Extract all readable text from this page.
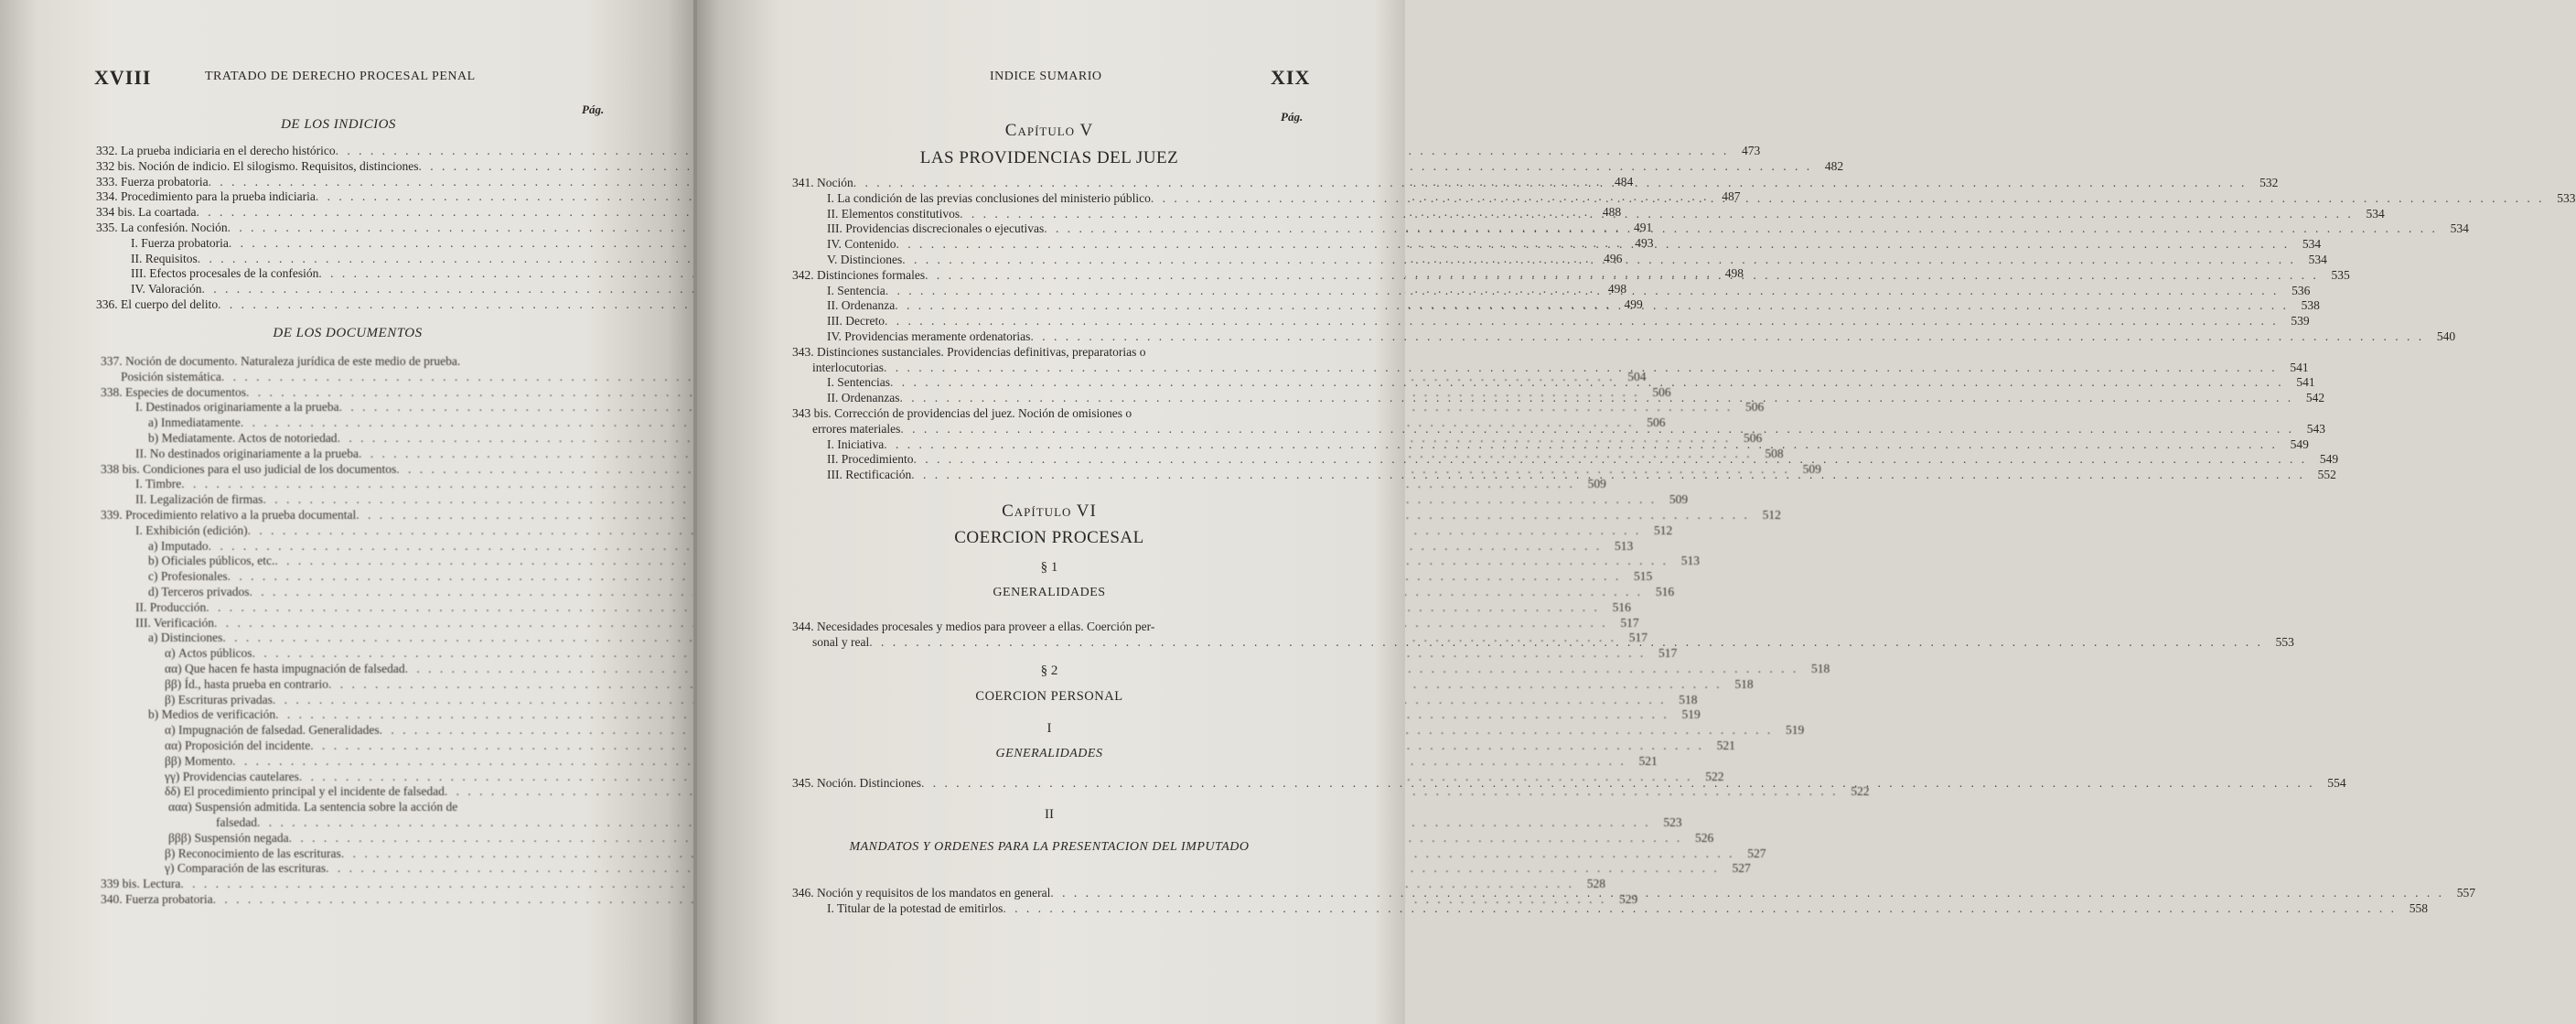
XVIII	TRATADO DE DERECHO PROCESAL PENAL
Pág.
DE LOS INDICIOS
332. La prueba indiciaria en el derecho histórico . . .	473
332 bis. Noción de indicio. El silogismo. Requisitos, distinciones . . .	482
333. Fuerza probatoria . . .	484
334. Procedimiento para la prueba indiciaria . . .	487
334 bis. La coartada . . .	488
335. La confesión. Noción . . .	491
I. Fuerza probatoria . . .	493
II. Requisitos . . .	496
III. Efectos procesales de la confesión . . .	498
IV. Valoración . . .	498
336. El cuerpo del delito . . .	499
DE LOS DOCUMENTOS
337. Noción de documento. Naturaleza jurídica de este medio de prueba.
Posición sistemática . . .	504
338. Especies de documentos . . .	506
I. Destinados originariamente a la prueba . . .	506
a) Inmediatamente . . .	506
b) Mediatamente. Actos de notoriedad . . .	506
II. No destinados originariamente a la prueba . . .	508
338 bis. Condiciones para el uso judicial de los documentos . . .	509
I. Timbre . . .	509
II. Legalización de firmas . . .	509
339. Procedimiento relativo a la prueba documental . . .	512
I. Exhibición (edición) . . .	512
a) Imputado . . .	513
b) Oficiales públicos, etc. . . .	513
c) Profesionales . . .	515
d) Terceros privados . . .	516
II. Producción . . .	516
III. Verificación . . .	517
a) Distinciones . . .	517
α) Actos públicos . . .	517
αα) Que hacen fe hasta impugnación de falsedad . . .	518
ββ) Íd., hasta prueba en contrario . . .	518
β) Escrituras privadas . . .	518
b) Medios de verificación . . .	519
α) Impugnación de falsedad. Generalidades . . .	519
αα) Proposición del incidente . . .	521
ββ) Momento . . .	521
γγ) Providencias cautelares . . .	522
δδ) El procedimiento principal y el incidente de falsedad . . .	522
ααα) Suspensión admitida. La sentencia sobre la acción de
falsedad . . .	523
βββ) Suspensión negada . . .	526
β) Reconocimiento de las escrituras . . .	527
γ) Comparación de las escrituras . . .	527
339 bis. Lectura . . .	528
340. Fuerza probatoria . . .	529
INDICE SUMARIO	XIX
Pág.
Capítulo V
LAS PROVIDENCIAS DEL JUEZ
341. Noción . . .	532
I. La condición de las previas conclusiones del ministerio público . . .	533
II. Elementos constitutivos . . .	534
III. Providencias discrecionales o ejecutivas . . .	534
IV. Contenido . . .	534
V. Distinciones . . .	534
342. Distinciones formales . . .	535
I. Sentencia . . .	536
II. Ordenanza . . .	538
III. Decreto . . .	539
IV. Providencias meramente ordenatorias . . .	540
343. Distinciones sustanciales. Providencias definitivas, preparatorias o
interlocutorias . . .	541
I. Sentencias . . .	541
II. Ordenanzas . . .	542
343 bis. Corrección de providencias del juez. Noción de omisiones o
errores materiales . . .	543
I. Iniciativa . . .	549
II. Procedimiento . . .	549
III. Rectificación . . .	552
Capítulo VI
COERCION PROCESAL
§ 1
GENERALIDADES
344. Necesidades procesales y medios para proveer a ellas. Coerción per-
sonal y real . . .	553
§ 2
COERCION PERSONAL
I
GENERALIDADES
345. Noción. Distinciones . . .	554
II
MANDATOS Y ORDENES PARA LA PRESENTACION DEL IMPUTADO
346. Noción y requisitos de los mandatos en general . . .	557
I. Titular de la potestad de emitirlos . . .	558
